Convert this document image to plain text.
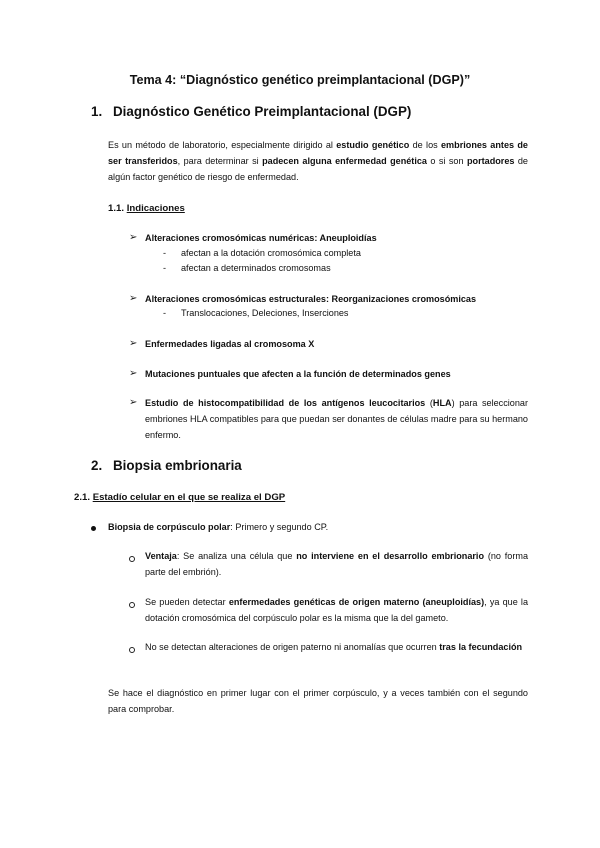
Tema 4: “Diagnóstico genético preimplantacional (DGP)”
1. Diagnóstico Genético Preimplantacional (DGP)
Es un método de laboratorio, especialmente dirigido al estudio genético de los embriones antes de ser transferidos, para determinar si padecen alguna enfermedad genética o si son portadores de algún factor genético de riesgo de enfermedad.
1.1. Indicaciones
➢ Alteraciones cromosómicas numéricas: Aneuploidías
- afectan a la dotación cromosómica completa
- afectan a determinados cromosomas
➢ Alteraciones cromosómicas estructurales: Reorganizaciones cromosómicas
- Translocaciones, Deleciones, Inserciones
➢ Enfermedades ligadas al cromosoma X
➢ Mutaciones puntuales que afecten a la función de determinados genes
➢ Estudio de histocompatibilidad de los antígenos leucocitarios (HLA) para seleccionar embriones HLA compatibles para que puedan ser donantes de células madre para su hermano enfermo.
2. Biopsia embrionaria
2.1. Estadío celular en el que se realiza el DGP
Biopsia de corpúsculo polar: Primero y segundo CP.
Ventaja: Se analiza una célula que no interviene en el desarrollo embrionario (no forma parte del embrión).
Se pueden detectar enfermedades genéticas de origen materno (aneuploidías), ya que la dotación cromosómica del corpúsculo polar es la misma que la del gameto.
No se detectan alteraciones de origen paterno ni anomalías que ocurren tras la fecundación
Se hace el diagnóstico en primer lugar con el primer corpúsculo, y a veces también con el segundo para comprobar.
